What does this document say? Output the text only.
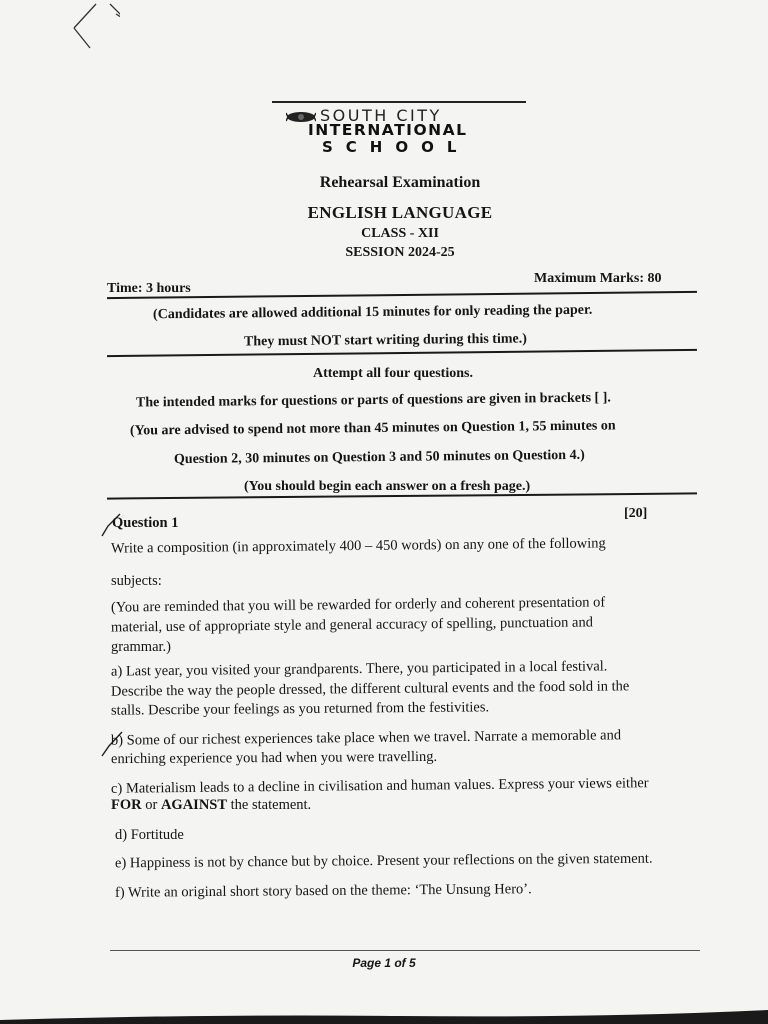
SOUTH CITY
INTERNATIONAL
SCHOOL
Rehearsal Examination
ENGLISH LANGUAGE
CLASS - XII
SESSION 2024-25
Time: 3 hours
Maximum Marks: 80
(Candidates are allowed additional 15 minutes for only reading the paper.
They must NOT start writing during this time.)
Attempt all four questions.
The intended marks for questions or parts of questions are given in brackets [ ].
(You are advised to spend not more than 45 minutes on Question 1, 55 minutes on
Question 2, 30 minutes on Question 3 and 50 minutes on Question 4.)
(You should begin each answer on a fresh page.)
Question 1
[20]
Write a composition (in approximately 400 – 450 words) on any one of the following
subjects:
(You are reminded that you will be rewarded for orderly and coherent presentation of
material, use of appropriate style and general accuracy of spelling, punctuation and
grammar.)
a) Last year, you visited your grandparents. There, you participated in a local festival.
Describe the way the people dressed, the different cultural events and the food sold in the
stalls. Describe your feelings as you returned from the festivities.
b) Some of our richest experiences take place when we travel. Narrate a memorable and
enriching experience you had when you were travelling.
c) Materialism leads to a decline in civilisation and human values. Express your views either
FOR or AGAINST the statement.
d) Fortitude
e) Happiness is not by chance but by choice. Present your reflections on the given statement.
f) Write an original short story based on the theme: ‘The Unsung Hero’.
Page 1 of 5
